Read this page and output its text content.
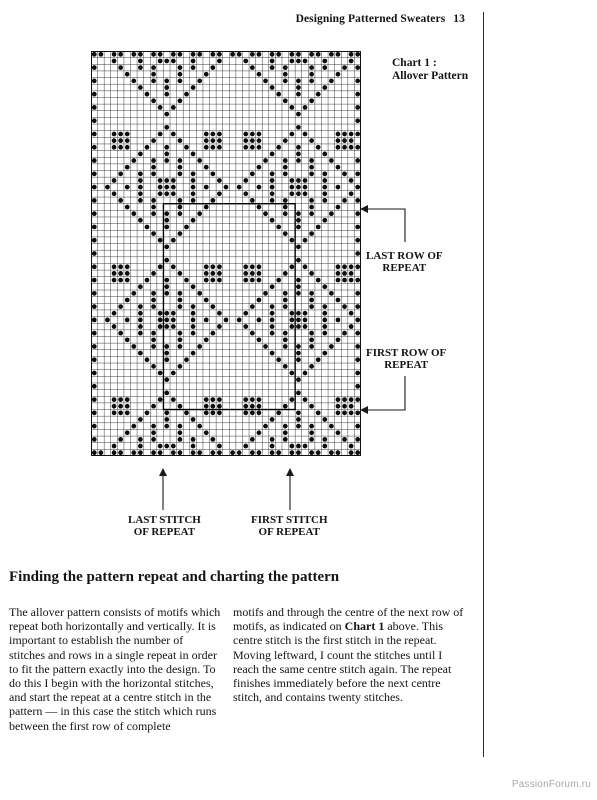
Designing Patterned Sweaters 13
Chart 1 :
Allover Pattern
LAST ROW OF
REPEAT
FIRST ROW OF
REPEAT
LAST STITCH
OF REPEAT
FIRST STITCH
OF REPEAT
Finding the pattern repeat and charting the pattern

The allover pattern consists of motifs which repeat both horizontally and vertically. It is important to establish the number of stitches and rows in a single repeat in order to fit the pattern exactly into the design. To do this I begin with the horizontal stitches, and start the repeat at a centre stitch in the pattern — in this case the stitch which runs between the first row of complete

motifs and through the centre of the next row of motifs, as indicated on Chart 1 above. This centre stitch is the first stitch in the repeat. Moving leftward, I count the stitches until I reach the same centre stitch again. The repeat finishes immediately before the next centre stitch, and contains twenty stitches.

PassionForum.ru
